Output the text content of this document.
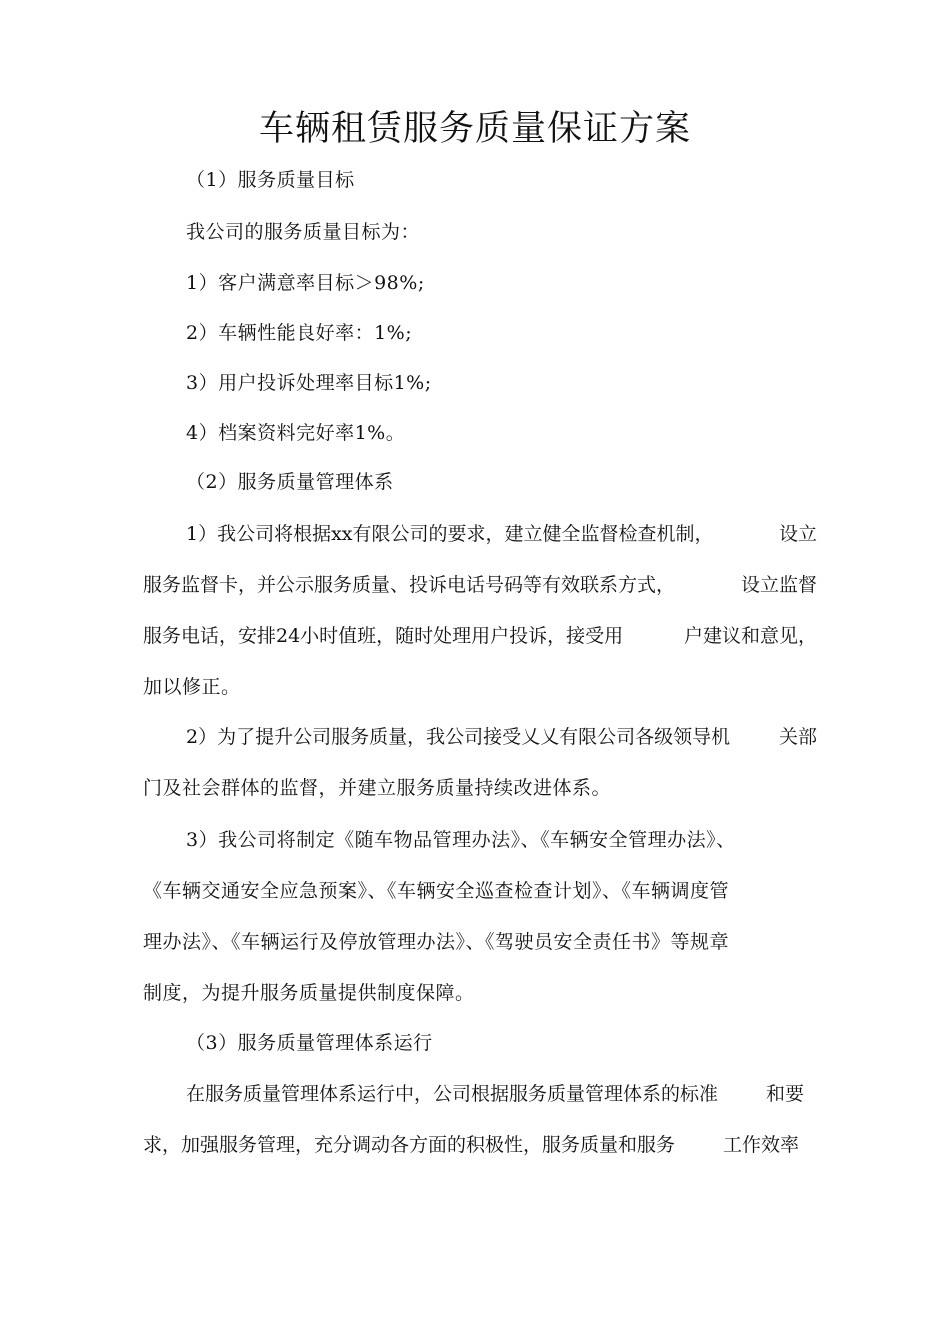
车辆租赁服务质量保证方案
（1）服务质量目标
我公司的服务质量目标为：
1）客户满意率目标＞98%;
2）车辆性能良好率：1%;
3）用户投诉处理率目标1%;
4）档案资料完好率1%。
（2）服务质量管理体系
1）我公司将根据xx有限公司的要求，建立健全监督检查机制，	设立
服务监督卡，并公示服务质量、投诉电话号码等有效联系方式，	设立监督
服务电话，安排24小时值班，随时处理用户投诉，接受用	户建议和意见，
加以修正。
2）为了提升公司服务质量，我公司接受乂乂有限公司各级领导机	关部
门及社会群体的监督，并建立服务质量持续改进体系。
3）我公司将制定《随车物品管理办法》、《车辆安全管理办法》、
《车辆交通安全应急预案》、《车辆安全巡查检查计划》、《车辆调度管
理办法》、《车辆运行及停放管理办法》、《驾驶员安全责任书》等规章
制度，为提升服务质量提供制度保障。
（3）服务质量管理体系运行
在服务质量管理体系运行中，公司根据服务质量管理体系的标准	和要
求，加强服务管理，充分调动各方面的积极性，服务质量和服务	工作效率
